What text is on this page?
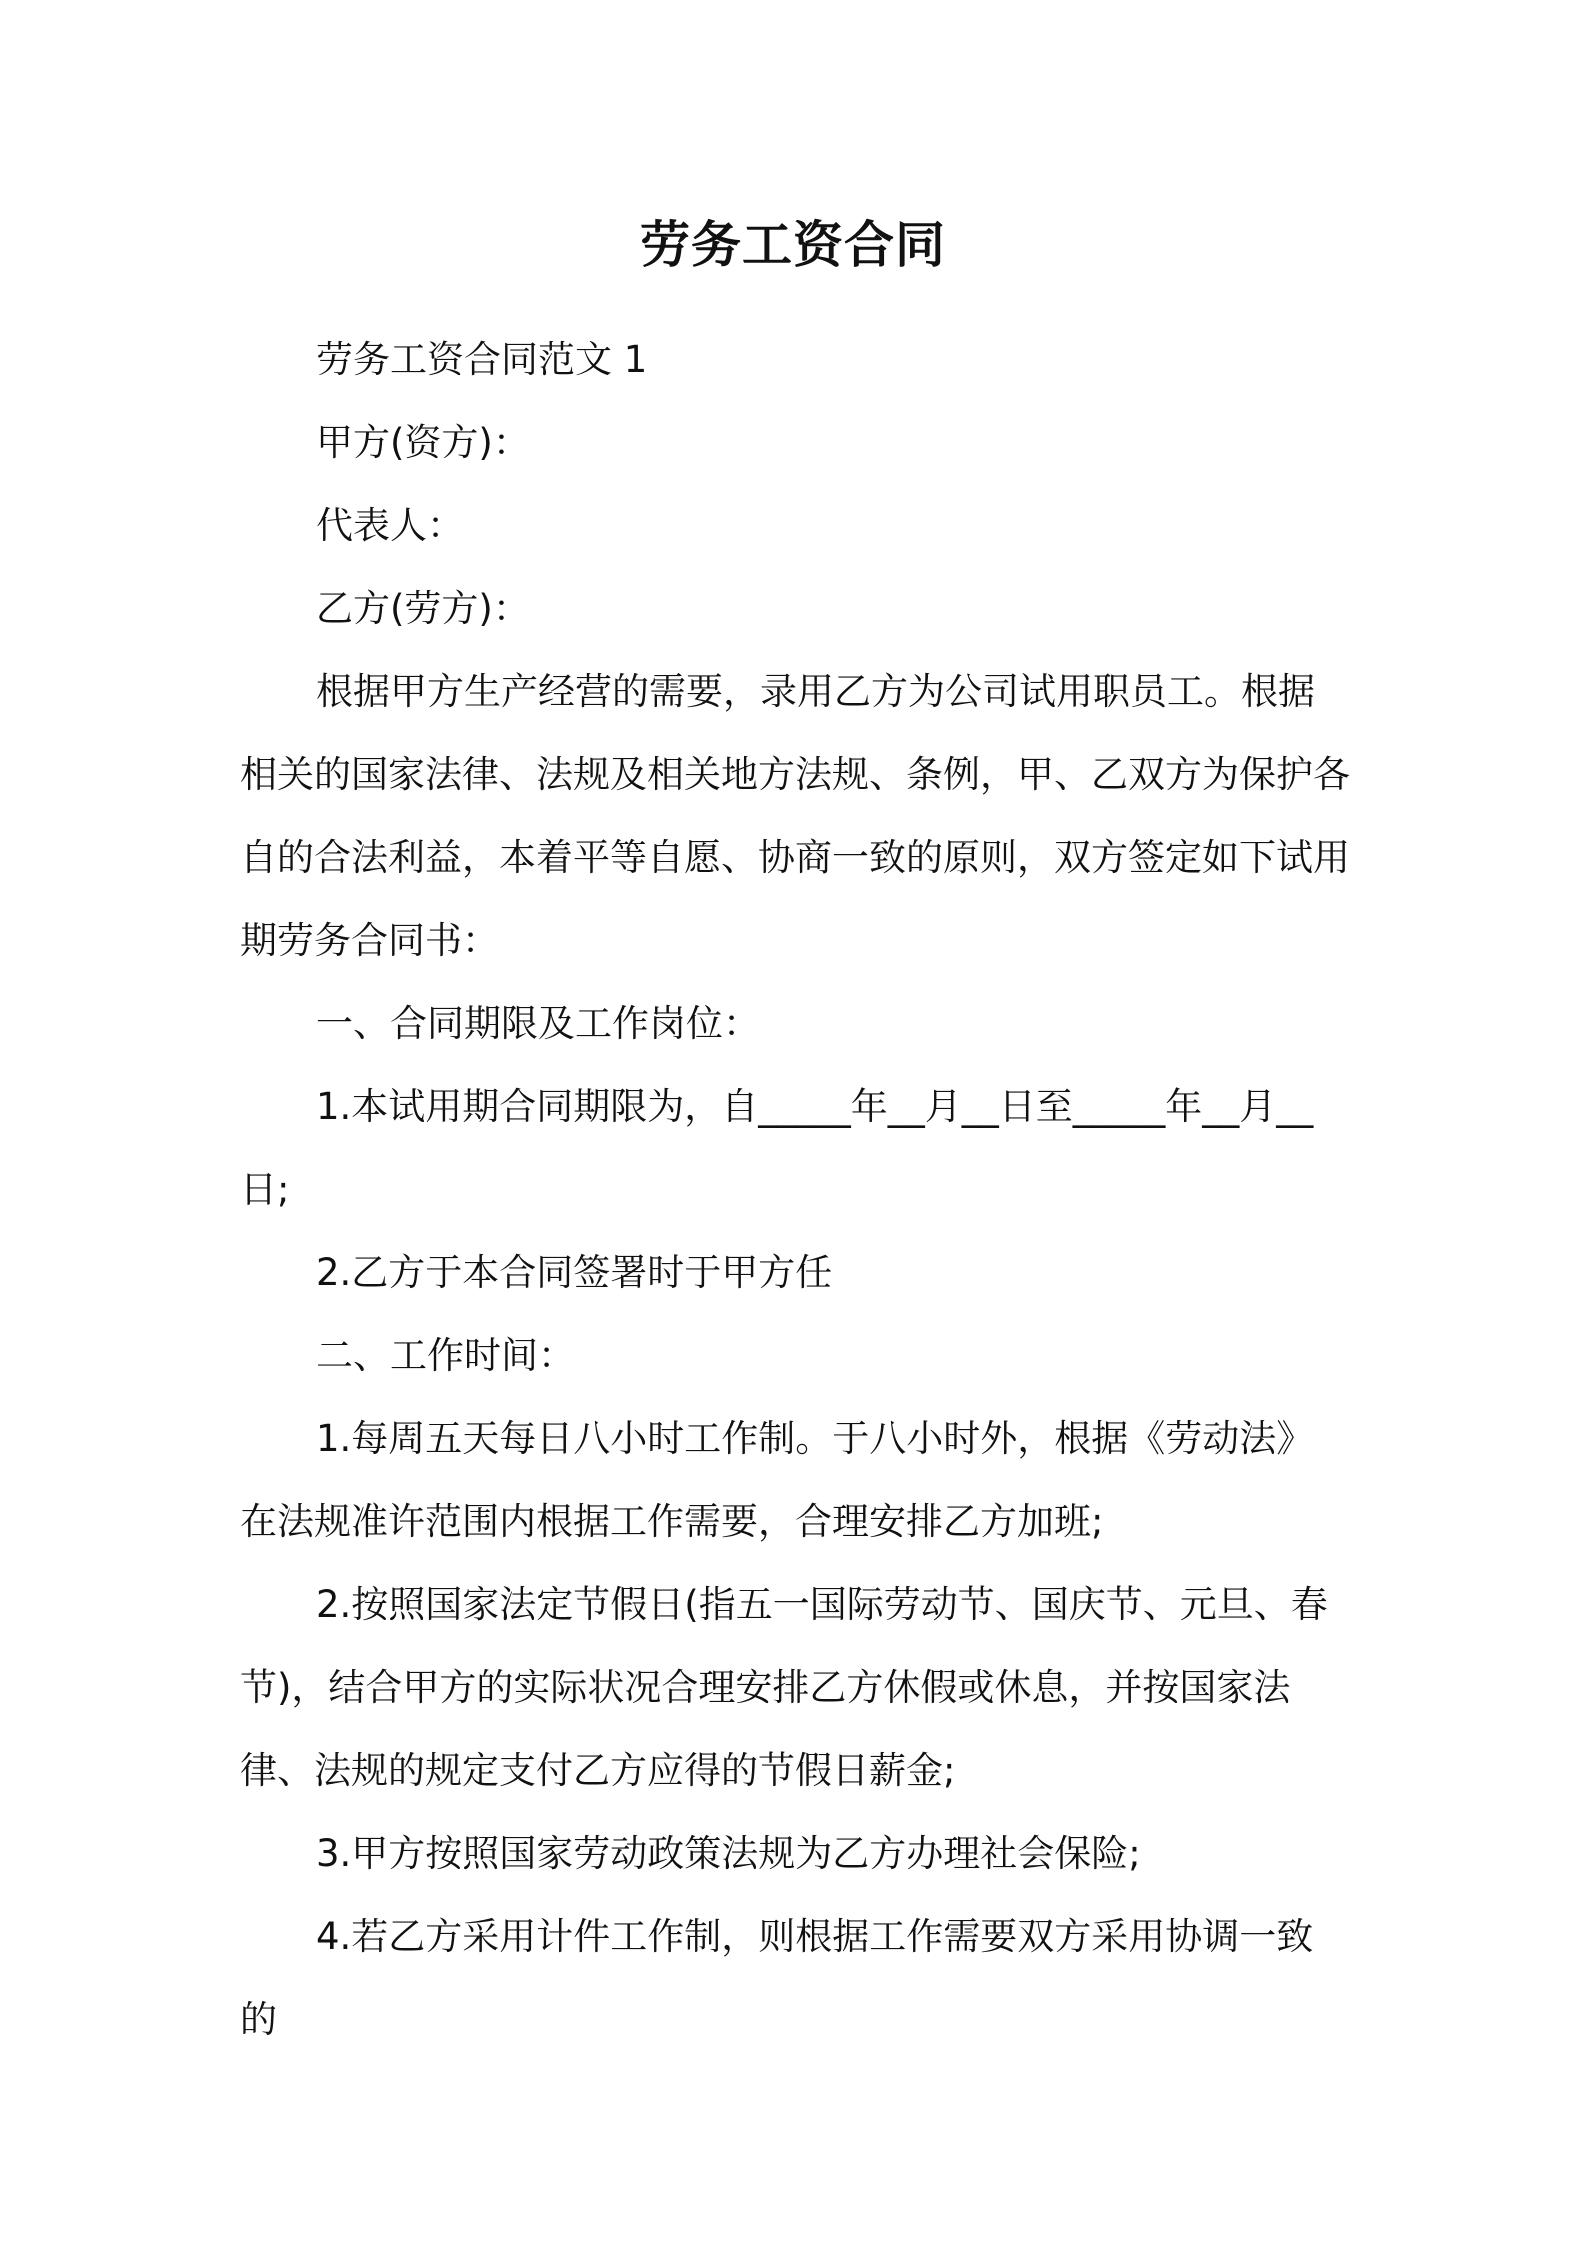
劳务工资合同

劳务工资合同范文 1

甲方(资方)：

代表人：

乙方(劳方)：

根据甲方生产经营的需要，录用乙方为公司试用职员工。根据相关的国家法律、法规及相关地方法规、条例，甲、乙双方为保护各自的合法利益，本着平等自愿、协商一致的原则，双方签定如下试用期劳务合同书：

一、合同期限及工作岗位：

1.本试用期合同期限为，自_____年__月__日至_____年__月__日;

2.乙方于本合同签署时于甲方任

二、工作时间：

1.每周五天每日八小时工作制。于八小时外，根据《劳动法》在法规准许范围内根据工作需要，合理安排乙方加班;

2.按照国家法定节假日(指五一国际劳动节、国庆节、元旦、春节)，结合甲方的实际状况合理安排乙方休假或休息，并按国家法律、法规的规定支付乙方应得的节假日薪金;

3.甲方按照国家劳动政策法规为乙方办理社会保险;

4.若乙方采用计件工作制，则根据工作需要双方采用协调一致的
